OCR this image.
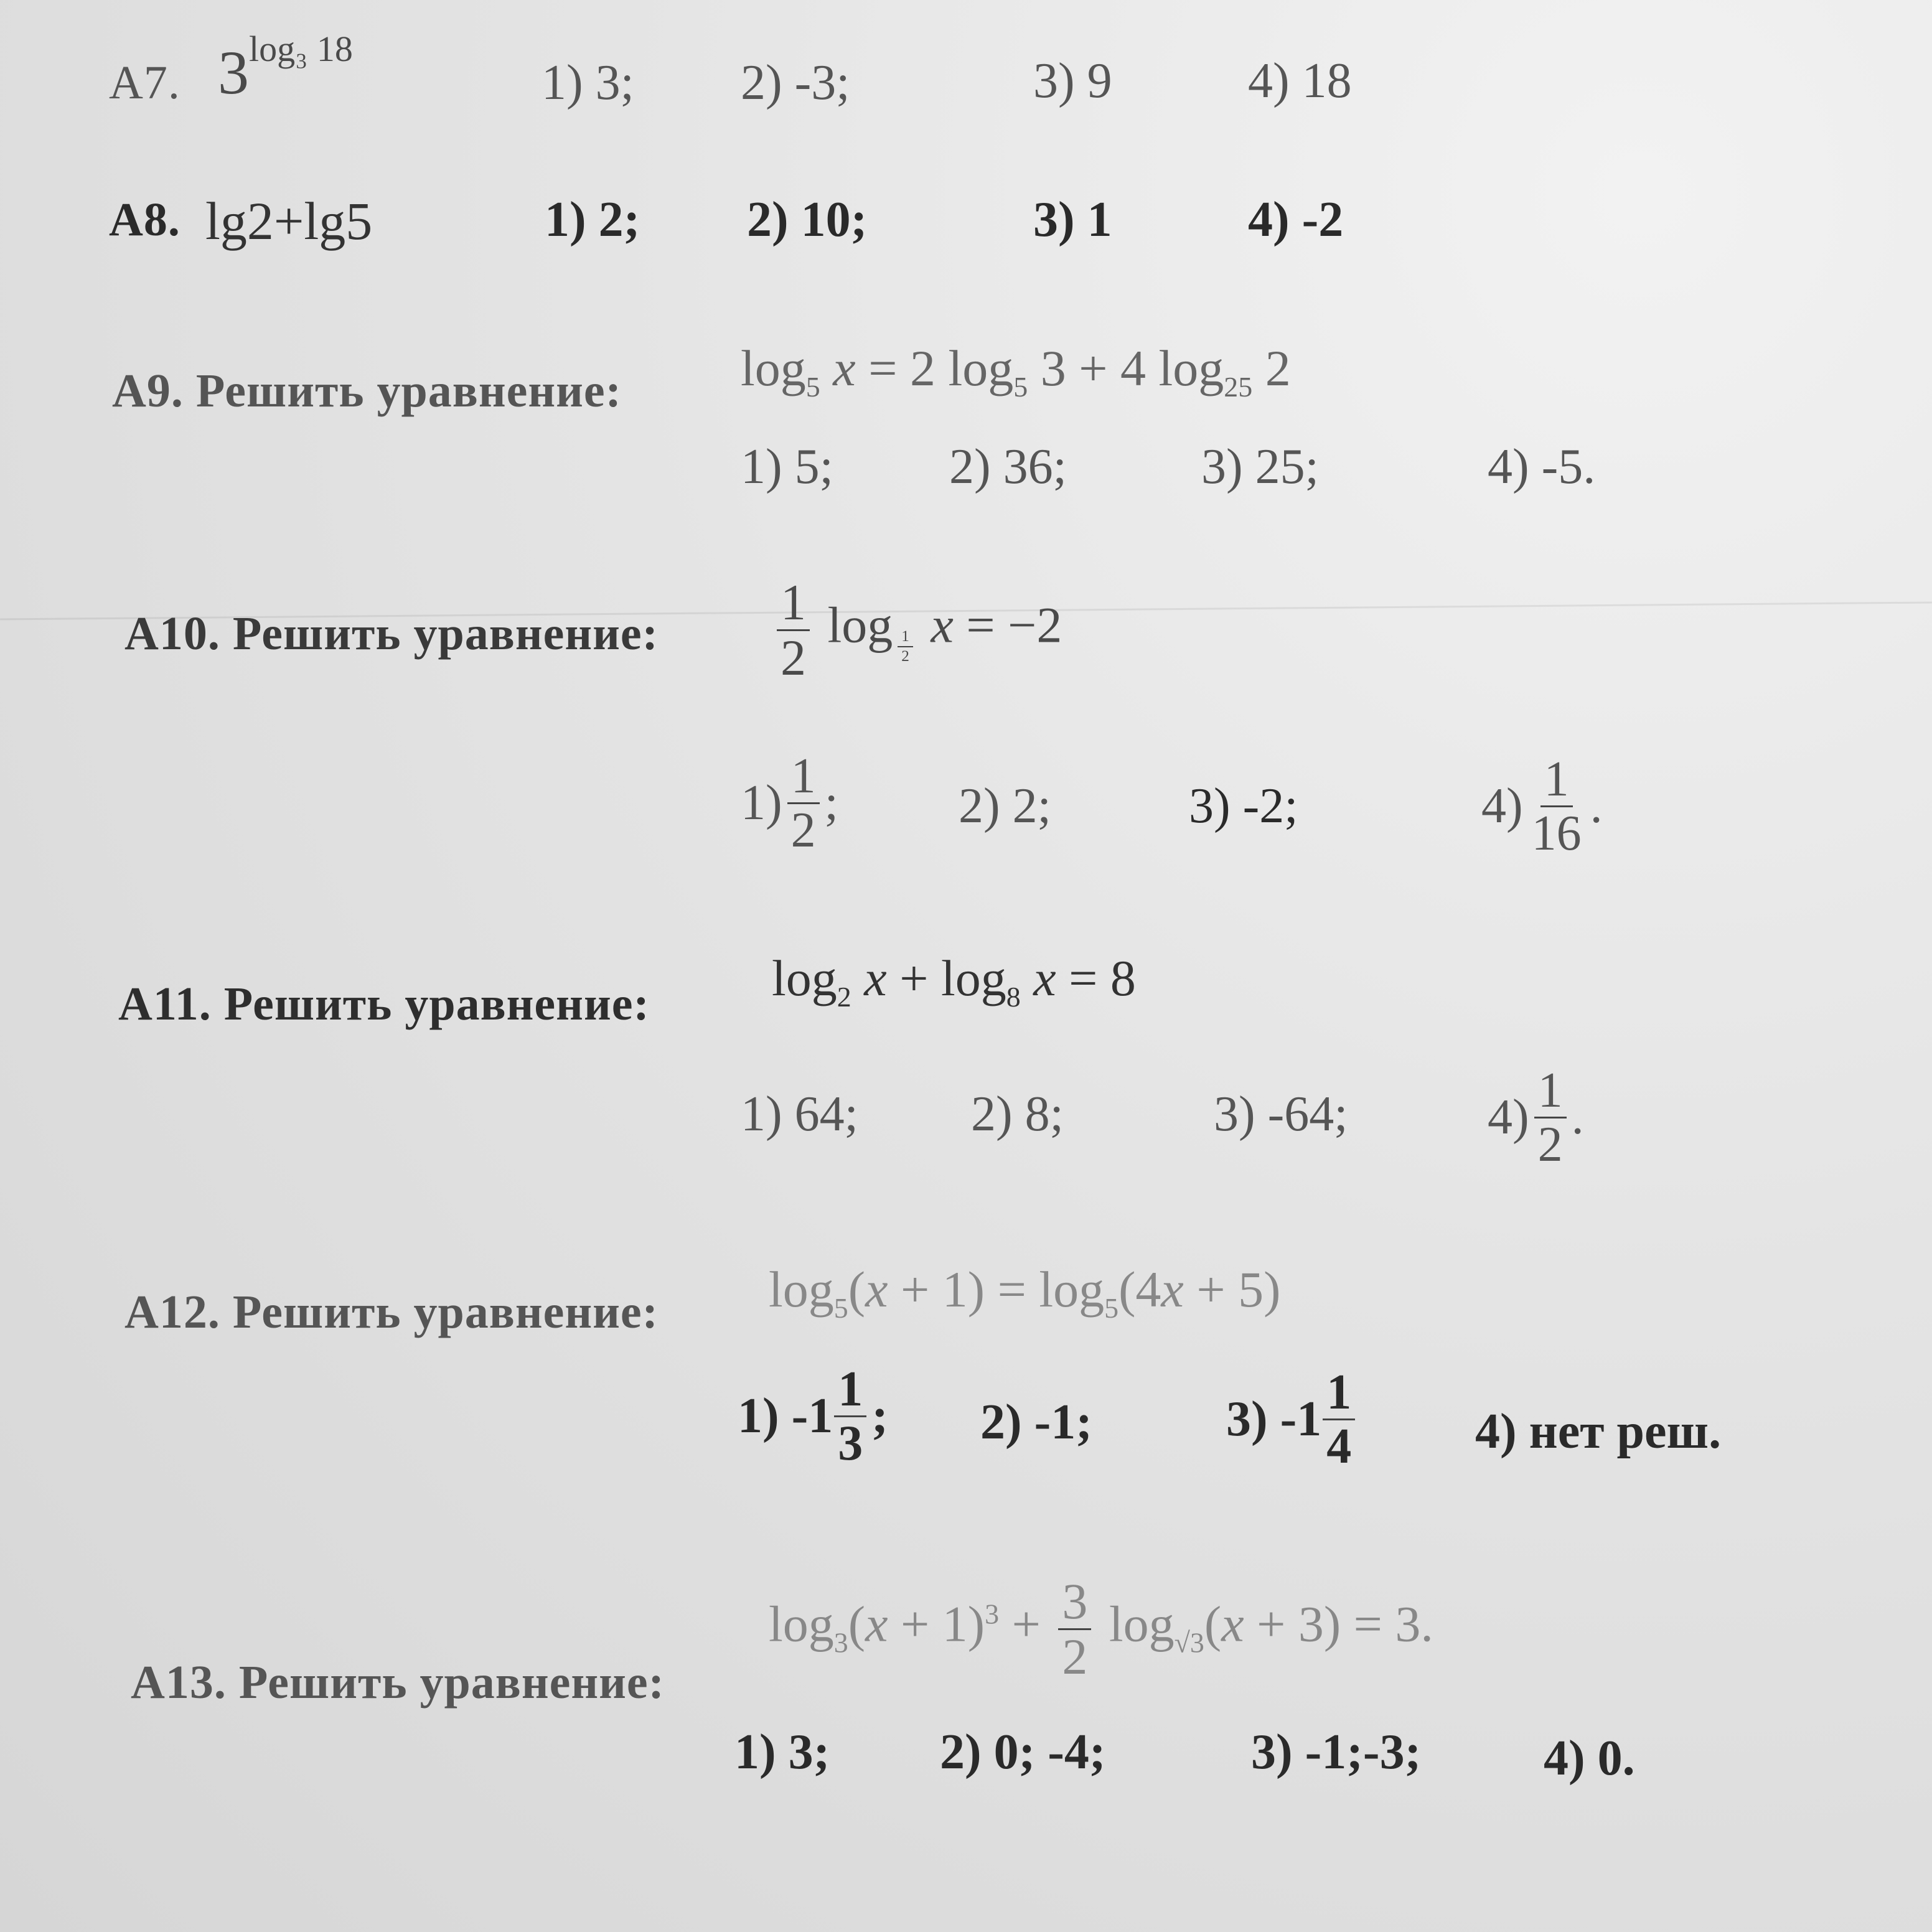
A7. $3^{log_3 18}$
1) 3; 2) -3;	3) 9	4) 18
A8. lg2+lg5	1) 2; 2) 10;	3) 1	4) -2
A9. Решить уравнение: $\log_5 x = 2$ $\log_5 3 + 4$ $\log_{25} 2$
1) 5; 2) 36;	3) 25;	4) -5.
A10. Решить уравнение: $\frac{1}{2}$ log $_{\frac{1}{2}}$ x = −2
$1) \frac{1}{2}$ ; 2) 2;	3) -2;	$4) \frac{1}{16}$ .
A11. Решить уравнение: $\log_2 x + \log_8 x = 8$
1) 64; 2) 8;	3) -64;	$4) \frac{1}{2}$ .
A12. Решить уравнение: $\log_5(x + 1) = \log_5(4x + 5)$
1) $-1 \frac{1}{3}$ ; 2) -1;	3) $-1 \frac{1}{4} 4$) нет реш.
A13. Решить уравнение:
$\log_3(x + 1)^3 + \frac{3}{2} \log_{√3}(x + 3) = 3$.
1) 3; 2) 0; -4;	3) -1;-3; 4) 0.
